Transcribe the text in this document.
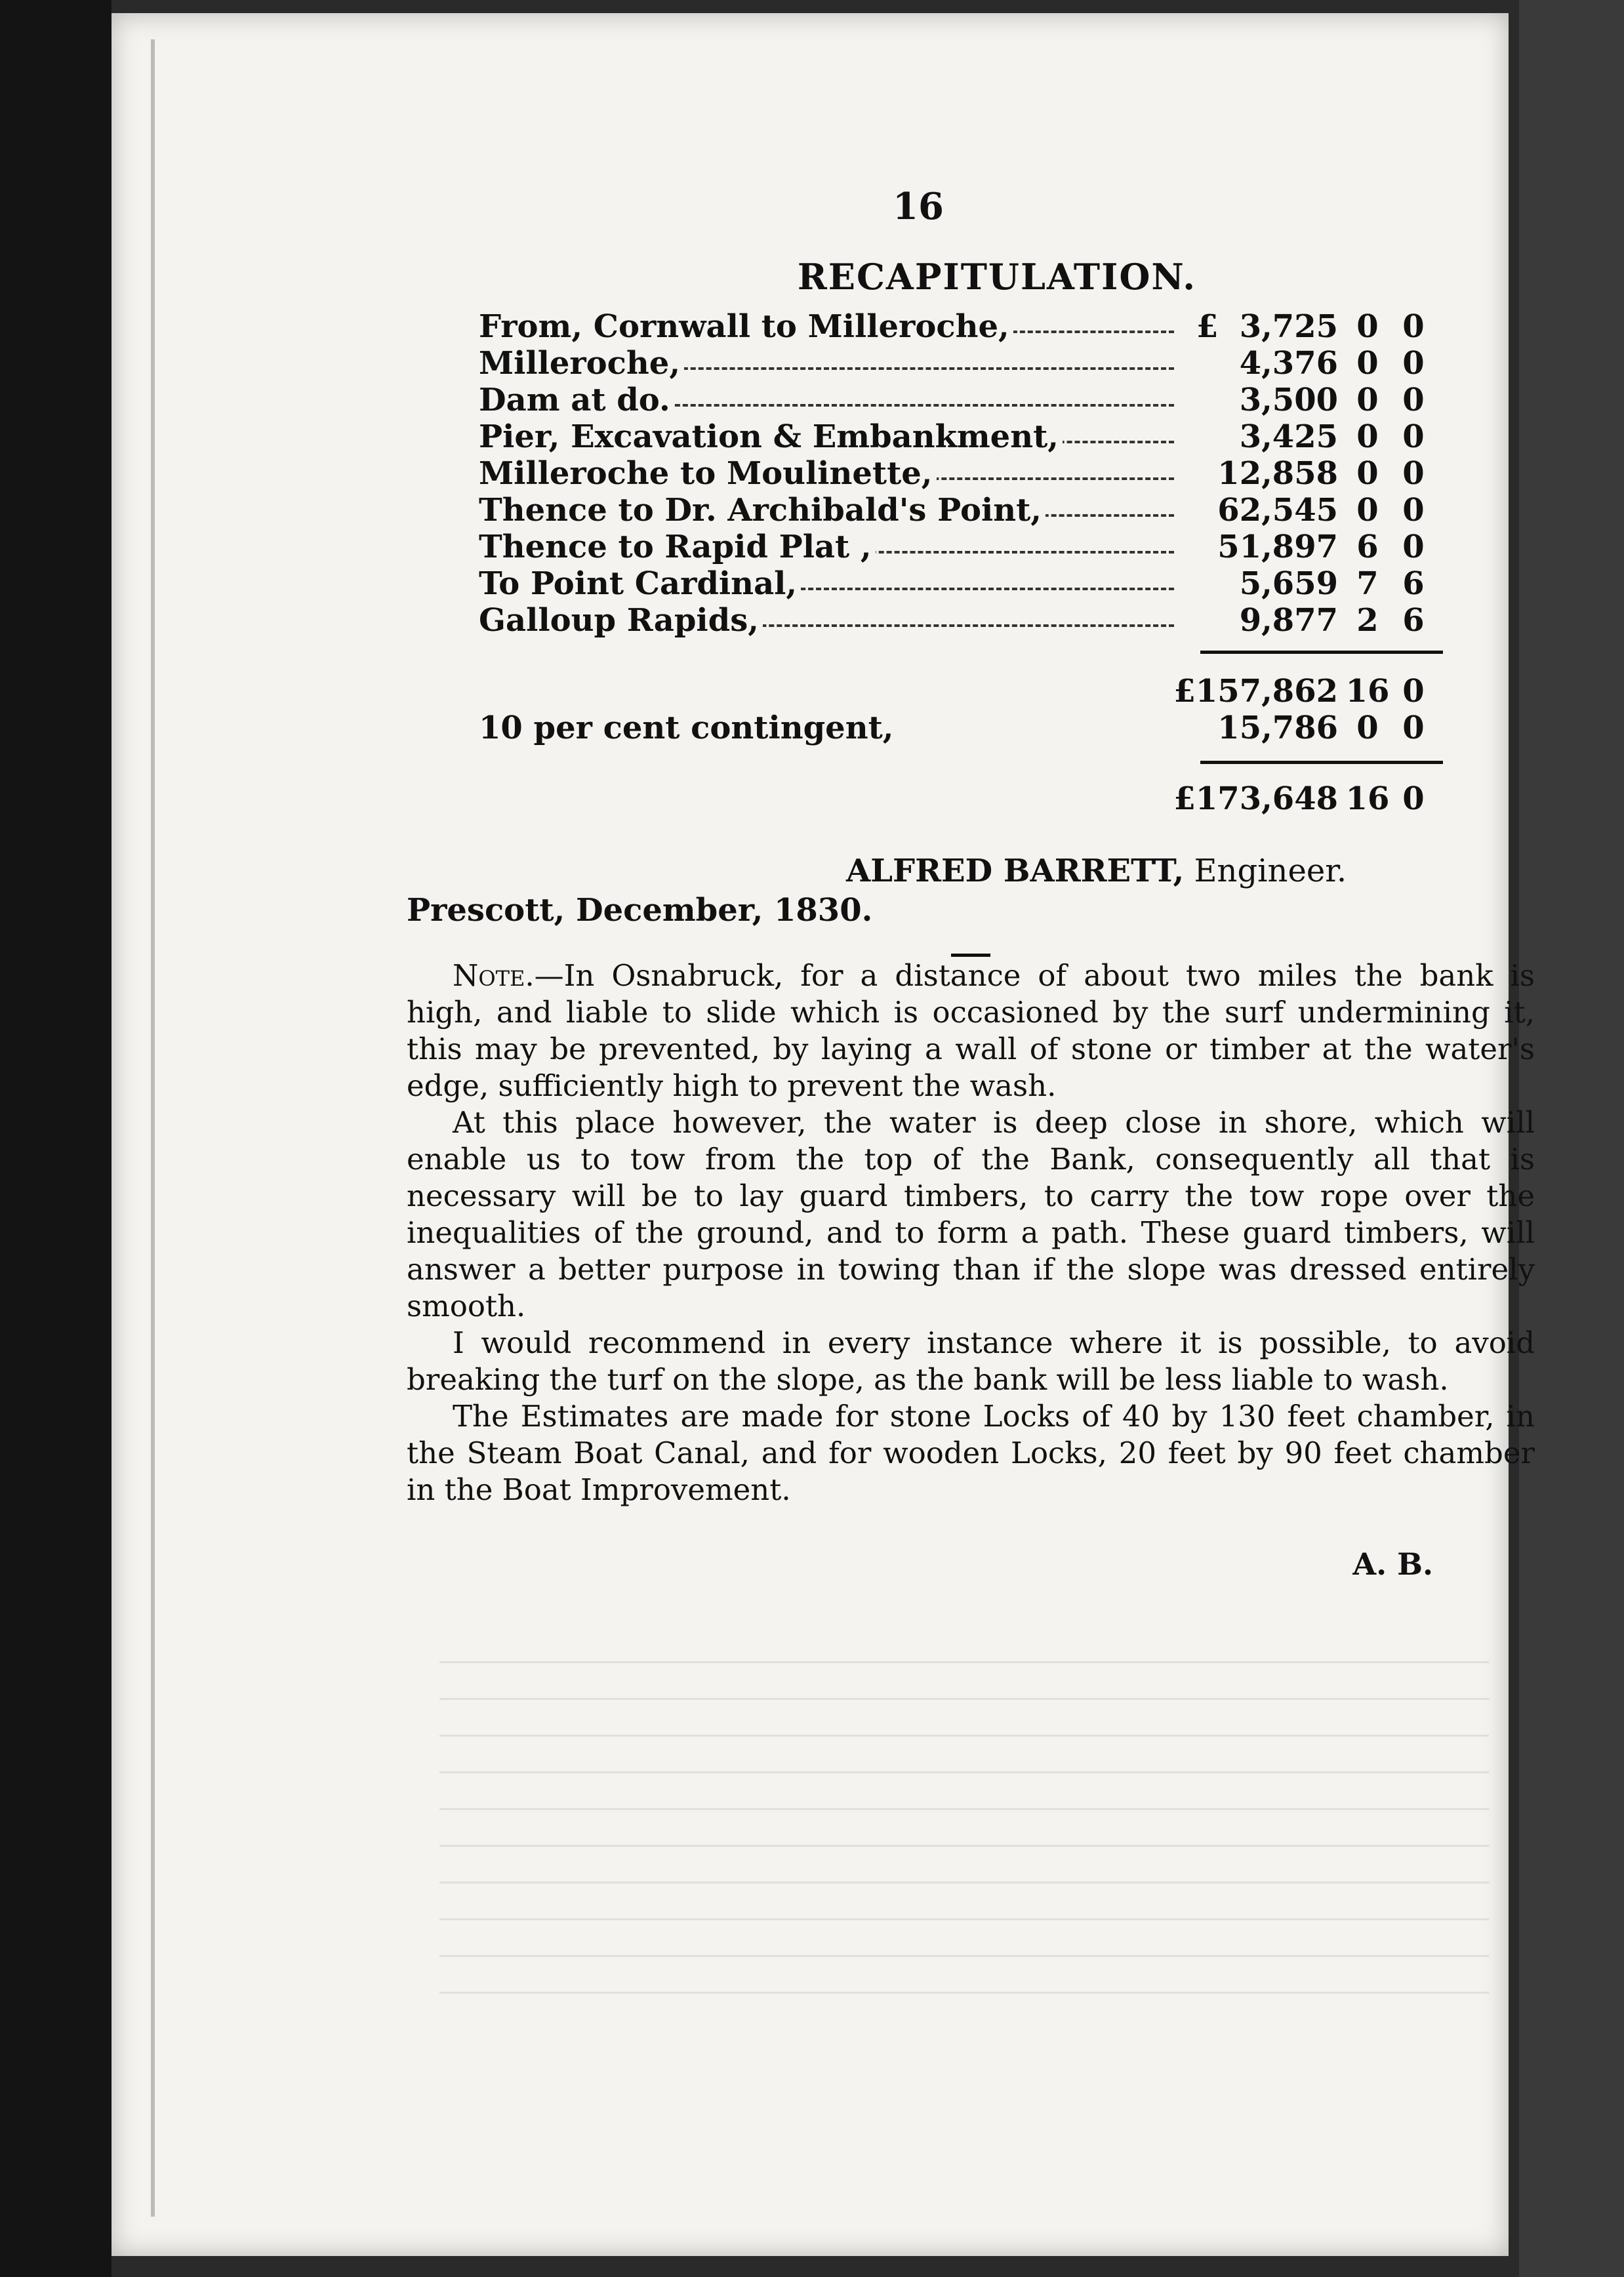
16
RECAPITULATION.
From, Cornwall to Milleroche,	£ 3,725 0 0
Milleroche,	4,376 0 0
Dam at do.	3,500 0 0
Pier, Excavation & Embankment,	3,425 0 0
Milleroche to Moulinette,	12,858 0 0
Thence to Dr. Archibald's Point,	62,545 0 0
Thence to Rapid Plat ,	51,897 6 0
To Point Cardinal,	5,659 7 6
Galloup Rapids,	9,877 2 6
£157,862 16 0
10 per cent contingent,	15,786 0 0
£173,648 16 0
ALFRED BARRETT, Engineer.
Prescott, December, 1830.

Note.—In Osnabruck, for a distance of about two miles the bank is high, and liable to slide which is occasioned by the surf undermining it, this may be prevented, by laying a wall of stone or timber at the water's edge, sufficiently high to prevent the wash.

At this place however, the water is deep close in shore, which will enable us to tow from the top of the Bank, consequently all that is necessary will be to lay guard timbers, to carry the tow rope over the inequalities of the ground, and to form a path. These guard timbers, will answer a better purpose in towing than if the slope was dressed entirely smooth.

I would recommend in every instance where it is possible, to avoid breaking the turf on the slope, as the bank will be less liable to wash.

The Estimates are made for stone Locks of 40 by 130 feet chamber, in the Steam Boat Canal, and for wooden Locks, 20 feet by 90 feet chamber in the Boat Improvement.

A. B.
